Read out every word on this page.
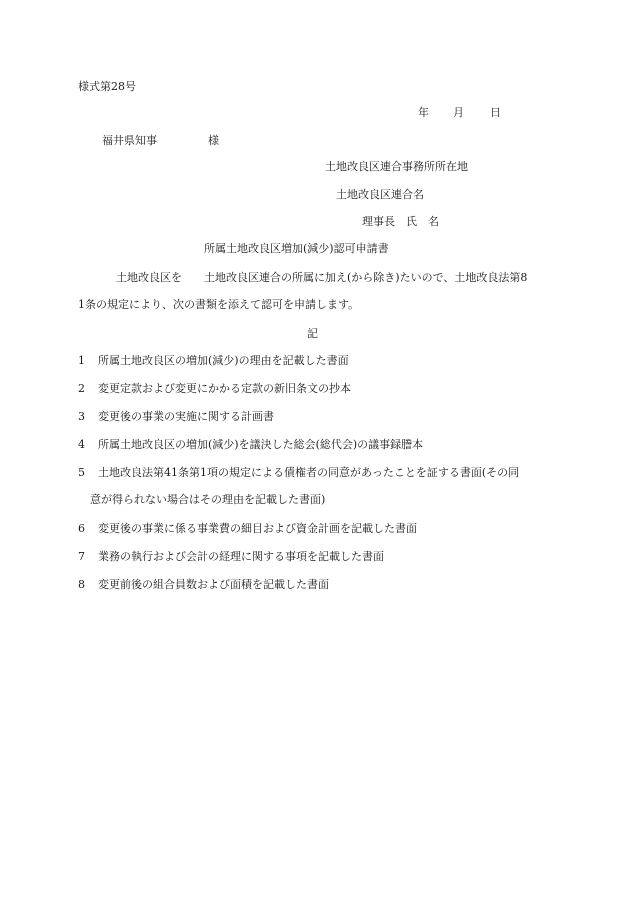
様式第28号
年 月 日
福井県知事	様
土地改良区連合事務所所在地
土地改良区連合名
理事長　氏　名
所属土地改良区増加(減少)認可申請書
土地改良区を　　土地改良区連合の所属に加え(から除き)たいので、土地改良法第8
1条の規定により、次の書類を添えて認可を申請します。
記
1 所属土地改良区の増加(減少)の理由を記載した書面
2 変更定款および変更にかかる定款の新旧条文の抄本
3 変更後の事業の実施に関する計画書
4 所属土地改良区の増加(減少)を議決した総会(総代会)の議事録謄本
5 土地改良法第41条第1項の規定による債権者の同意があったことを証する書面(その同
意が得られない場合はその理由を記載した書面)
6 変更後の事業に係る事業費の細目および資金計画を記載した書面
7 業務の執行および会計の経理に関する事項を記載した書面
8 変更前後の組合員数および面積を記載した書面
